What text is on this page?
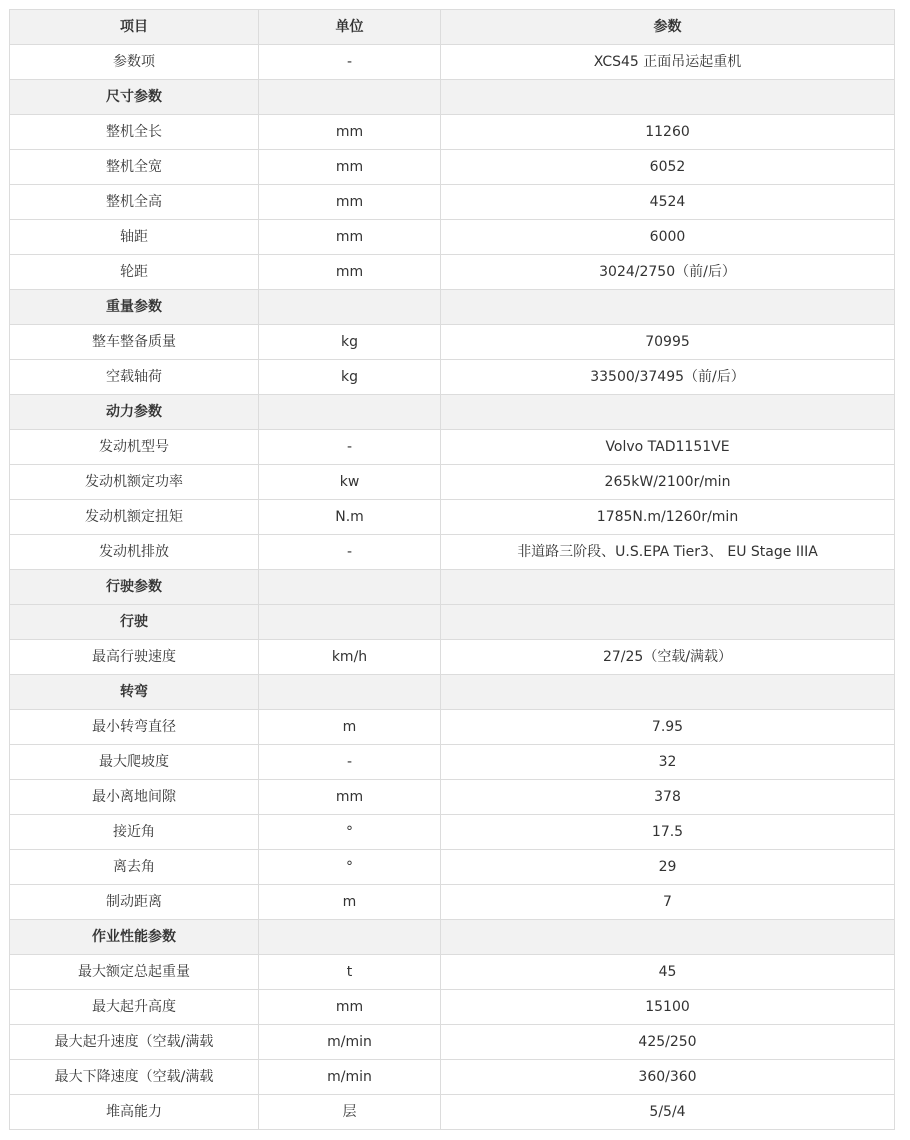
项目	单位	参数
参数项	-	XCS45 正面吊运起重机
尺寸参数		
整机全长	mm	11260
整机全宽	mm	6052
整机全高	mm	4524
轴距	mm	6000
轮距	mm	3024/2750（前/后）
重量参数		
整车整备质量	kg	70995
空载轴荷	kg	33500/37495（前/后）
动力参数		
发动机型号	-	Volvo TAD1151VE
发动机额定功率	kw	265kW/2100r/min
发动机额定扭矩	N.m	1785N.m/1260r/min
发动机排放	-	非道路三阶段、U.S.EPA Tier3、 EU Stage IIIA
行驶参数		
行驶		
最高行驶速度	km/h	27/25（空载/满载）
转弯		
最小转弯直径	m	7.95
最大爬坡度	-	32
最小离地间隙	mm	378
接近角	°	17.5
离去角	°	29
制动距离	m	7
作业性能参数		
最大额定总起重量	t	45
最大起升高度	mm	15100
最大起升速度（空载/满载	m/min	425/250
最大下降速度（空载/满载	m/min	360/360
堆高能力	层	5/5/4
